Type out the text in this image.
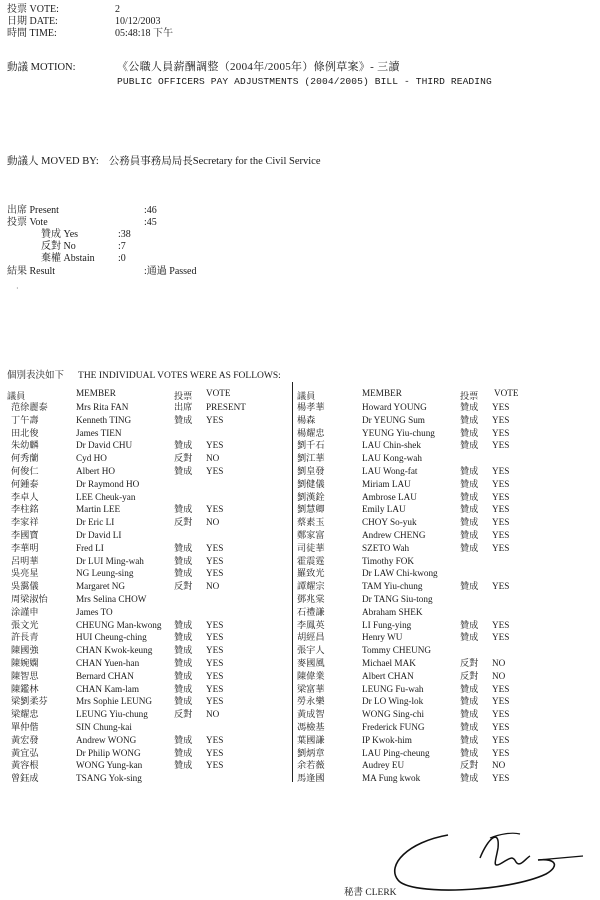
投票 VOTE:	2
日期 DATE:	10/12/2003
時間 TIME:	05:48:18 下午
動議 MOTION:	《公職人員薪酬調整（2004年/2005年）條例草案》- 三讀
PUBLIC OFFICERS PAY ADJUSTMENTS (2004/2005) BILL - THIRD READING
動議人 MOVED BY: 公務員事務局局長Secretary for the Civil Service
出席 Present	:46
投票 Vote	:45
贊成 Yes	:38
反對 No	:7
棄權 Abstain :0
結果 Result	:通過 Passed
·
個別表決如下 THE INDIVIDUAL VOTES WERE AS FOLLOWS:
議員	MEMBER	投票 VOTE	議員	MEMBER	投票 VOTE
范徐麗泰	Mrs Rita FAN	出席 PRESENT
丁午壽	Kenneth TING	贊成 YES
田北俊	James TIEN
朱幼麟	Dr David CHU	贊成 YES
何秀蘭	Cyd HO	反對 NO
何俊仁	Albert HO	贊成 YES
何鍾泰	Dr Raymond HO
李卓人	LEE Cheuk-yan
李柱銘	Martin LEE	贊成 YES
李家祥	Dr Eric LI	反對 NO
李國寶	Dr David LI
李華明	Fred LI	贊成 YES
呂明華	Dr LUI Ming-wah	贊成 YES
吳亮星	NG Leung-sing	贊成 YES
吳靄儀	Margaret NG	反對 NO
周梁淑怡	Mrs Selina CHOW
涂謹申	James TO
張文光	CHEUNG Man-kwong 贊成 YES
許長青	HUI Cheung-ching	贊成 YES
陳國強	CHAN Kwok-keung 贊成 YES
陳婉嫻	CHAN Yuen-han	贊成 YES
陳智思	Bernard CHAN	贊成 YES
陳鑑林	CHAN Kam-lam	贊成 YES
梁劉柔芬	Mrs Sophie LEUNG 贊成 YES
梁耀忠	LEUNG Yiu-chung	反對 NO
單仲偕	SIN Chung-kai
黃宏發	Andrew WONG	贊成 YES
黃宜弘	Dr Philip WONG	贊成 YES
黃容根	WONG Yung-kan	贊成 YES
曾鈺成	TSANG Yok-sing
楊孝華	Howard YOUNG	贊成 YES
楊森	Dr YEUNG Sum	贊成 YES
楊耀忠	YEUNG Yiu-chung	贊成 YES
劉千石	LAU Chin-shek	贊成 YES
劉江華	LAU Kong-wah
劉皇發	LAU Wong-fat	贊成 YES
劉健儀	Miriam LAU	贊成 YES
劉漢銓	Ambrose LAU	贊成 YES
劉慧卿	Emily LAU	贊成 YES
蔡素玉	CHOY So-yuk	贊成 YES
鄭家富	Andrew CHENG	贊成 YES
司徒華	SZETO Wah	贊成 YES
霍震霆	Timothy FOK
羅致光	Dr LAW Chi-kwong
譚耀宗	TAM Yiu-chung	贊成 YES
鄧兆棠	Dr TANG Siu-tong
石禮謙	Abraham SHEK
李鳳英	LI Fung-ying	贊成 YES
胡經昌	Henry WU	贊成 YES
張宇人	Tommy CHEUNG
麥國風	Michael MAK	反對 NO
陳偉業	Albert CHAN	反對 NO
梁富華	LEUNG Fu-wah	贊成 YES
勞永樂	Dr LO Wing-lok	贊成 YES
黃成智	WONG Sing-chi	贊成 YES
馮檢基	Frederick FUNG	贊成 YES
葉國謙	IP Kwok-him	贊成 YES
劉炳章	LAU Ping-cheung	贊成 YES
余若薇	Audrey EU	反對 NO
馬逢國	MA Fung kwok	贊成 YES
秘書 CLERK
